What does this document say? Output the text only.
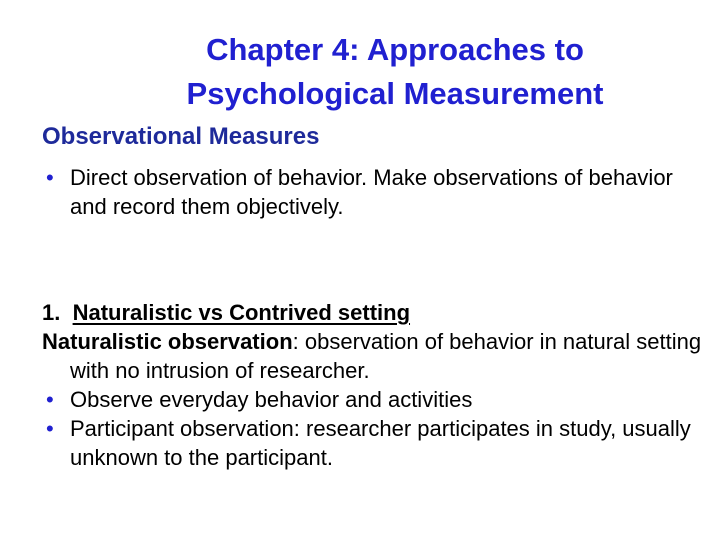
Chapter 4: Approaches to
Psychological Measurement
Observational Measures
• Direct observation of behavior. Make observations of behavior and record them objectively.
1. Naturalistic vs Contrived setting
Naturalistic observation: observation of behavior in natural setting with no intrusion of researcher.
• Observe everyday behavior and activities
• Participant observation: researcher participates in study, usually unknown to the participant.
